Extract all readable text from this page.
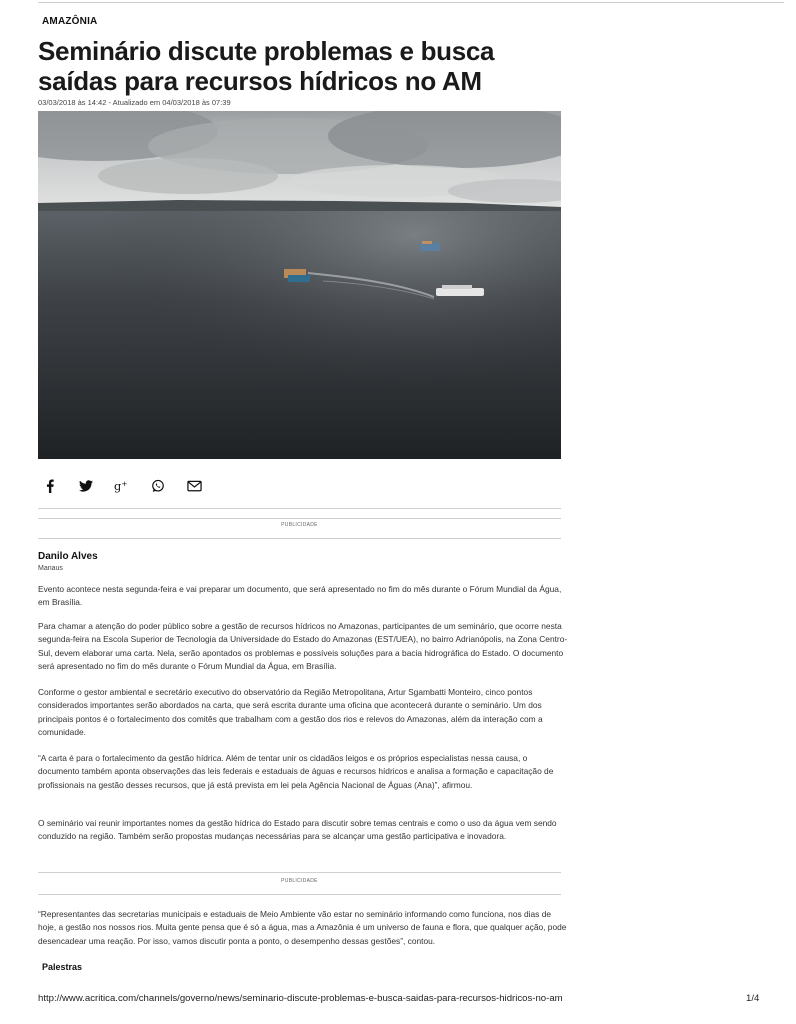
AMAZÔNIA
Seminário discute problemas e busca saídas para recursos hídricos no AM
03/03/2018 às 14:42 - Atualizado em 04/03/2018 às 07:39
g +
PUBLICIDADE
Danilo Alves
Manaus

Evento acontece nesta segunda-feira e vai preparar um documento, que será apresentado no fim do mês durante o Fórum Mundial da Água, em Brasília.

Para chamar a atenção do poder público sobre a gestão de recursos hídricos no Amazonas, participantes de um seminário, que ocorre nesta segunda-feira na Escola Superior de Tecnologia da Universidade do Estado do Amazonas (EST/UEA), no bairro Adrianópolis, na Zona Centro-Sul, devem elaborar uma carta. Nela, serão apontados os problemas e possíveis soluções para a bacia hidrográfica do Estado. O documento será apresentado no fim do mês durante o Fórum Mundial da Água, em Brasília.

Conforme o gestor ambiental e secretário executivo do observatório da Região Metropolitana, Artur Sgambatti Monteiro, cinco pontos considerados importantes serão abordados na carta, que será escrita durante uma oficina que acontecerá durante o seminário. Um dos principais pontos é o fortalecimento dos comitês que trabalham com a gestão dos rios e relevos do Amazonas, além da interação com a comunidade.

“A carta é para o fortalecimento da gestão hídrica. Além de tentar unir os cidadãos leigos e os próprios especialistas nessa causa, o documento também aponta observações das leis federais e estaduais de águas e recursos hídricos e analisa a formação e capacitação de profissionais na gestão desses recursos, que já está prevista em lei pela Agência Nacional de Águas (Ana)”, afirmou.

O seminário vai reunir importantes nomes da gestão hídrica do Estado para discutir sobre temas centrais e como o uso da água vem sendo conduzido na região. Também serão propostas mudanças necessárias para se alcançar uma gestão participativa e inovadora.

PUBLICIDADE

“Representantes das secretarias municipais e estaduais de Meio Ambiente vão estar no seminário informando como funciona, nos dias de hoje, a gestão nos nossos rios. Muita gente pensa que é só a água, mas a Amazônia é um universo de fauna e flora, que qualquer ação, pode desencadear uma reação. Por isso, vamos discutir ponta a ponto, o desempenho dessas gestões”, contou.

Palestras
http://www.acritica.com/channels/governo/news/seminario-discute-problemas-e-busca-saidas-para-recursos-hidricos-no-am	1/4
